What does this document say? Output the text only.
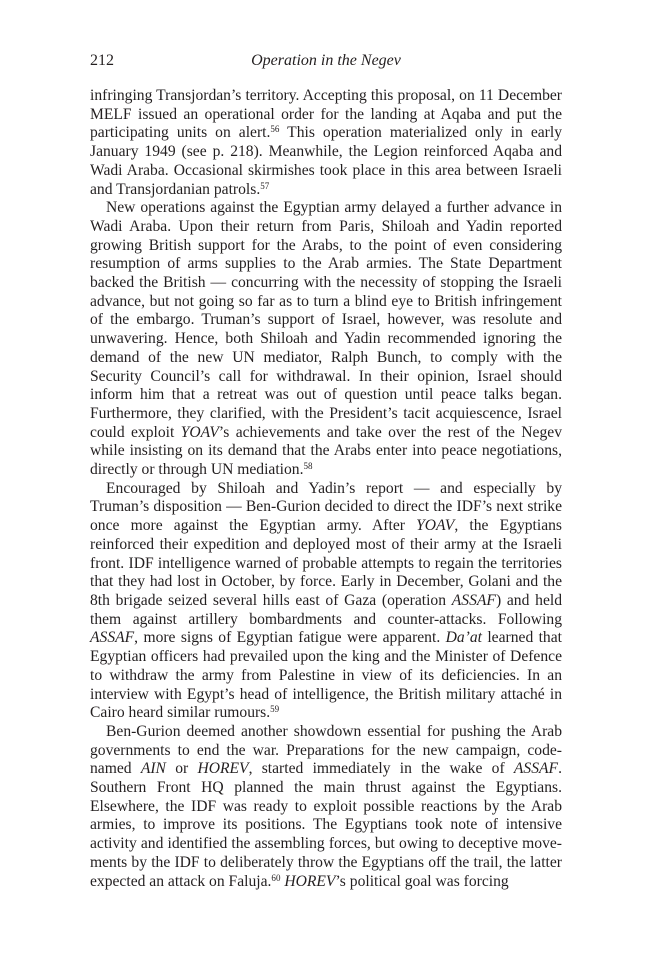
212	Operation in the Negev

infringing Transjordan’s territory. Accepting this proposal, on 11 December MELF issued an operational order for the landing at Aqaba and put the participating units on alert.$^{56}$ This operation materialized only in early January 1949 (see p. 218). Meanwhile, the Legion reinforced Aqaba and Wadi Araba. Occasional skirmishes took place in this area between Israeli and Transjordanian patrols.$^{57}$

New operations against the Egyptian army delayed a further advance in Wadi Araba. Upon their return from Paris, Shiloah and Yadin reported growing British support for the Arabs, to the point of even considering resumption of arms supplies to the Arab armies. The State Department backed the British — concurring with the necessity of stopping the Israeli advance, but not going so far as to turn a blind eye to British infringement of the embargo. Truman’s support of Israel, however, was resolute and unwavering. Hence, both Shiloah and Yadin recommended ignoring the demand of the new UN mediator, Ralph Bunch, to comply with the Security Council’s call for withdrawal. In their opinion, Israel should inform him that a retreat was out of question until peace talks began. Furthermore, they clarified, with the President’s tacit acquiescence, Israel could exploit YOAV’s achievements and take over the rest of the Negev while insisting on its demand that the Arabs enter into peace negotiations, directly or through UN mediation.$^{58}$

Encouraged by Shiloah and Yadin’s report — and especially by Truman’s disposition — Ben-Gurion decided to direct the IDF’s next strike once more against the Egyptian army. After YOAV, the Egyptians reinforced their expedition and deployed most of their army at the Israeli front. IDF intelligence warned of probable attempts to regain the territories that they had lost in October, by force. Early in December, Golani and the 8th brigade seized several hills east of Gaza (operation ASSAF) and held them against artillery bombardments and counter-attacks. Following ASSAF, more signs of Egyptian fatigue were apparent. Da’at learned that Egyptian officers had prevailed upon the king and the Minister of Defence to withdraw the army from Palestine in view of its deficiencies. In an interview with Egypt’s head of intelligence, the British military attaché in Cairo heard similar rumours.$^{59}$

Ben-Gurion deemed another showdown essential for pushing the Arab governments to end the war. Preparations for the new campaign, codenamed AIN or HOREV, started immediately in the wake of ASSAF. Southern Front HQ planned the main thrust against the Egyptians. Elsewhere, the IDF was ready to exploit possible reactions by the Arab armies, to improve its positions. The Egyptians took note of intensive activity and identified the assembling forces, but owing to deceptive movements by the IDF to deliberately throw the Egyptians off the trail, the latter expected an attack on Faluja.$^{60}$ HOREV’s political goal was forcing
